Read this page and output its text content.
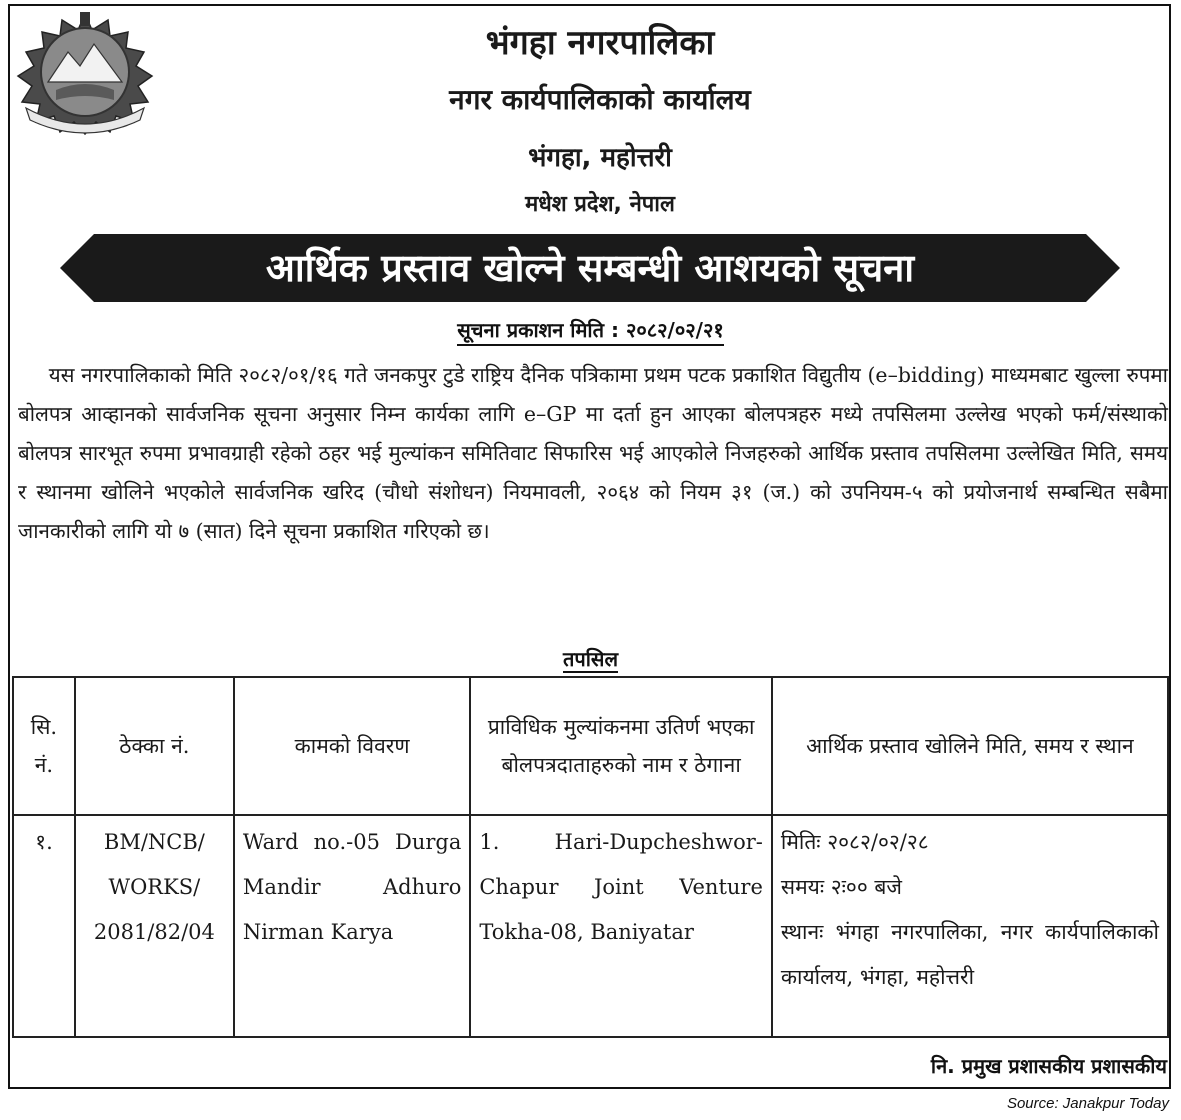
भंगहा नगरपालिका
नगर कार्यपालिकाको कार्यालय
भंगहा, महोत्तरी
मधेश प्रदेश, नेपाल
आर्थिक प्रस्ताव खोल्ने सम्बन्धी आशयको सूचना
सूचना प्रकाशन मिति : २०८२/०२/२१
यस नगरपालिकाको मिति २०८२/०१/१६ गते जनकपुर टुडे राष्ट्रिय दैनिक पत्रिकामा प्रथम पटक प्रकाशित विद्युतीय (e–bidding) माध्यमबाट खुल्ला रुपमा बोलपत्र आव्हानको सार्वजनिक सूचना अनुसार निम्न कार्यका लागि e–GP मा दर्ता हुन आएका बोलपत्रहरु मध्ये तपसिलमा उल्लेख भएको फर्म/संस्थाको बोलपत्र सारभूत रुपमा प्रभावग्राही रहेको ठहर भई मुल्यांकन समितिवाट सिफारिस भई आएकोले निजहरुको आर्थिक प्रस्ताव तपसिलमा उल्लेखित मिति, समय र स्थानमा खोलिने भएकोले सार्वजनिक खरिद (चौधो संशोधन) नियमावली, २०६४ को नियम ३१ (ज.) को उपनियम-५ को प्रयोजनार्थ सम्बन्धित सबैमा जानकारीको लागि यो ७ (सात) दिने सूचना प्रकाशित गरिएको छ।
तपसिल
सि. नं.	ठेक्का नं.	कामको विवरण	प्राविधिक मुल्यांकनमा उतिर्ण भएका बोलपत्रदाताहरुको नाम र ठेगाना	आर्थिक प्रस्ताव खोलिने मिति, समय र स्थान
१.	BM/NCB/ WORKS/ 2081/82/04	Ward no.-05 Durga Mandir Adhuro Nirman Karya	1. Hari-Dupcheshwor-Chapur Joint Venture Tokha-08, Baniyatar	मितिः २०८२/०२/२८
समयः २ः०० बजे
स्थानः भंगहा नगरपालिका, नगर कार्यपालिकाको कार्यालय, भंगहा, महोत्तरी
नि. प्रमुख प्रशासकीय प्रशासकीय
Source: Janakpur Today
